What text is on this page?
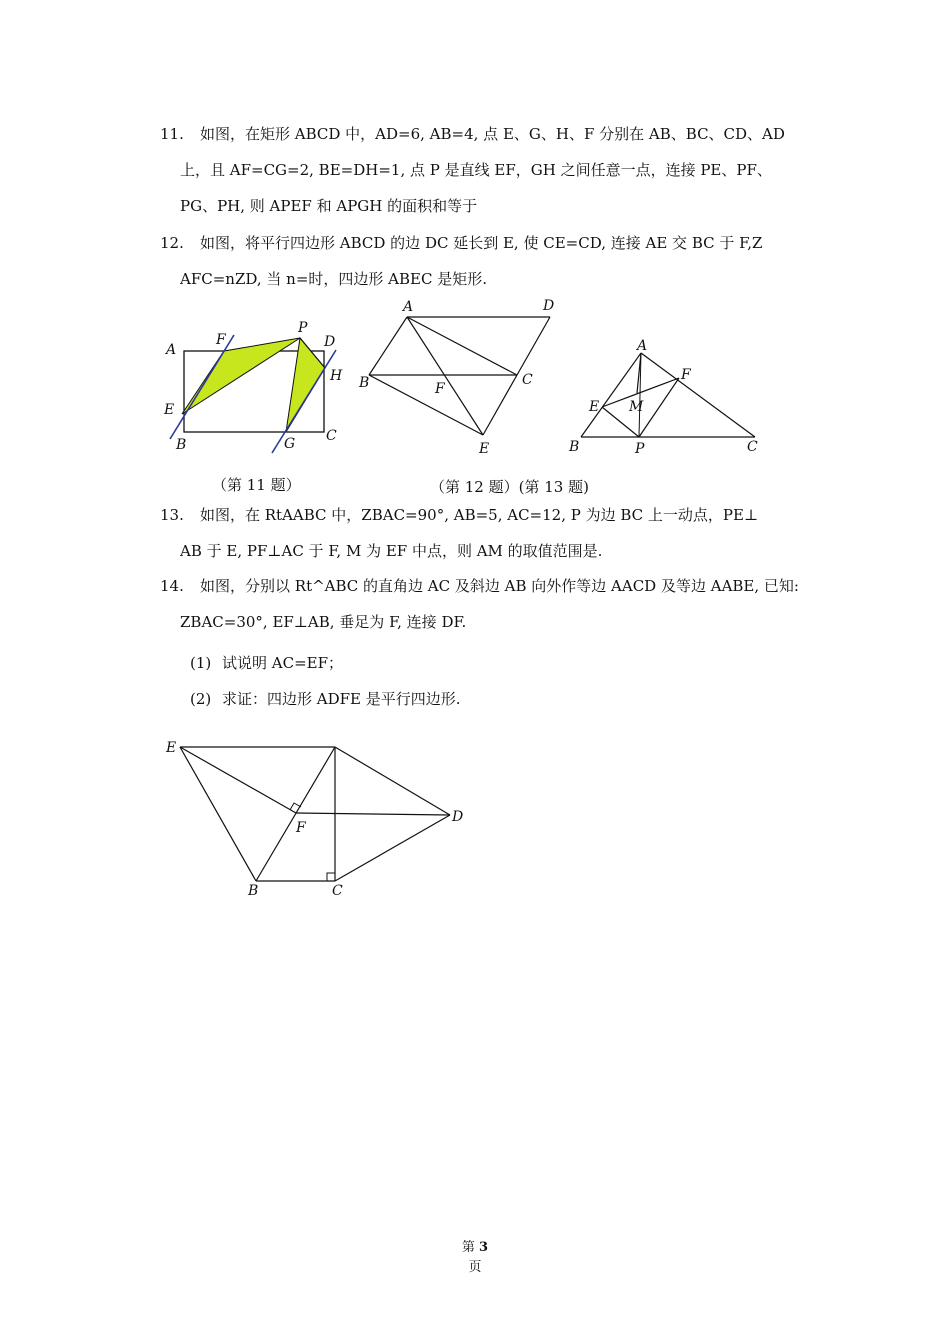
11. 如图，在矩形 ABCD 中，AD=6, AB=4, 点 E、G、H、F 分别在 AB、BC、CD、AD
上，且 AF=CG=2, BE=DH=1, 点 P 是直线 EF，GH 之间任意一点，连接 PE、PF、
PG、PH, 则 APEF 和 APGH 的面积和等于
12. 如图，将平行四边形 ABCD 的边 DC 延长到 E, 使 CE=CD, 连接 AE 交 BC 于 F,Z
AFC=nZD, 当 n=时，四边形 ABEC 是矩形.
A
B
C
D
E
F
G
H
P
A
B	C
D
E
F
A
B	C
E
F
M
P
（第 11 题）	（第 12 题）(第 13 题)
13. 如图，在 RtAABC 中，ZBAC=90°, AB=5, AC=12, P 为边 BC 上一动点，PE⊥
AB 于 E, PF⊥AC 于 F, M 为 EF 中点，则 AM 的取值范围是.
14. 如图，分别以 Rt^ABC 的直角边 AC 及斜边 AB 向外作等边 AACD 及等边 AABE, 已知:
ZBAC=30°, EF⊥AB, 垂足为 F, 连接 DF.
(1) 试说明 AC=EF；
(2) 求证：四边形 ADFE 是平行四边形.
E
F
D
B	C
第 3
页
